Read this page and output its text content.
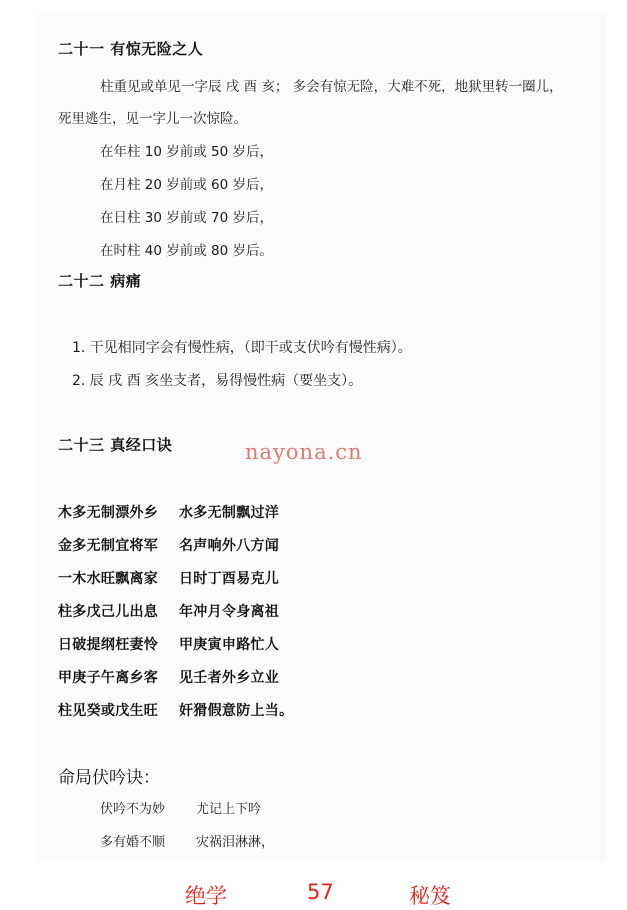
二十一 有惊无险之人
柱重见或单见一字辰 戌 酉 亥； 多会有惊无险，大难不死，地狱里转一圈儿，
死里逃生，见一字儿一次惊险。
在年柱 10 岁前或 50 岁后，
在月柱 20 岁前或 60 岁后，
在日柱 30 岁前或 70 岁后，
在时柱 40 岁前或 80 岁后。
二十二 病痛
1. 干见相同字会有慢性病，（即干或支伏吟有慢性病）。
2. 辰 戌 酉 亥坐支者，易得慢性病（要坐支）。
二十三 真经口诀	nayona.cn
木多无制漂外乡 水多无制飘过洋
金多无制宜将军 名声响外八方闻
一木水旺飘离家 日时丁酉易克儿
柱多戊己儿出息 年冲月令身离祖
日破提纲枉妻怜 甲庚寅申路忙人
甲庚子午离乡客 见壬者外乡立业
柱见癸或戊生旺 奸猾假意防上当。
命局伏吟诀：
伏吟不为妙 尤记上下吟
多有婚不顺 灾祸泪淋淋，
绝学	57	秘笈
